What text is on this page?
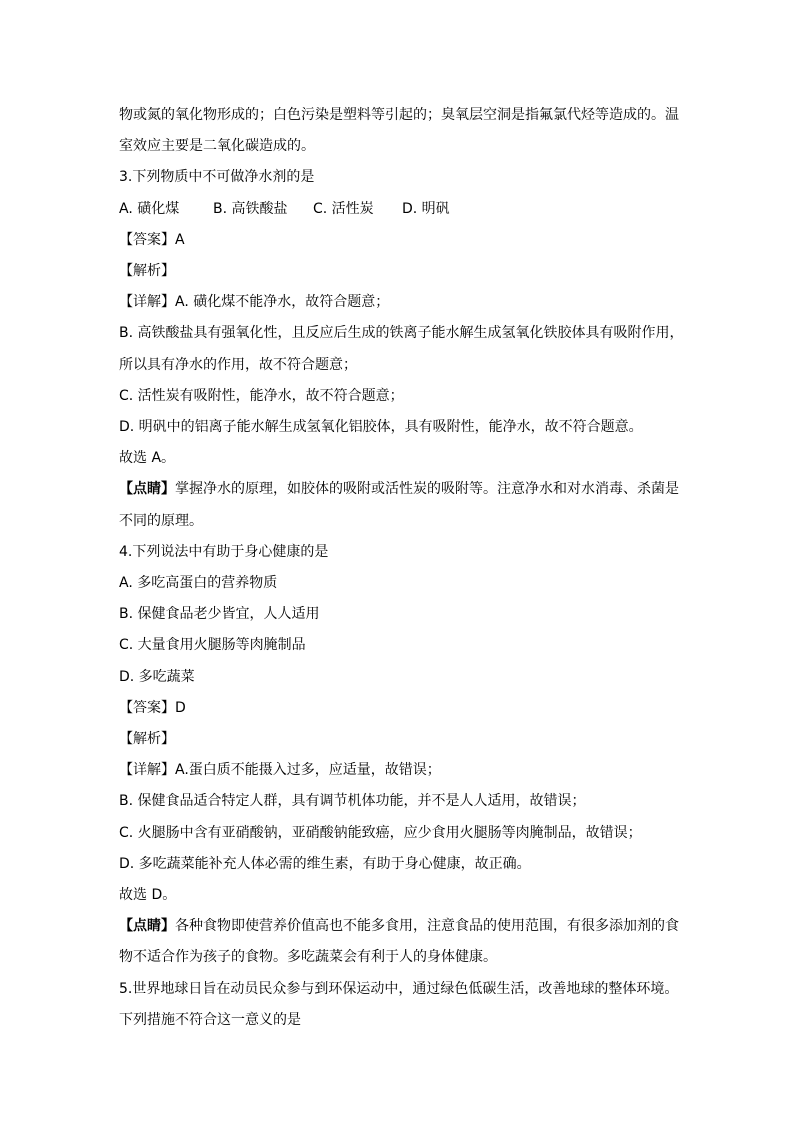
物或氮的氧化物形成的；白色污染是塑料等引起的；臭氧层空洞是指氟氯代烃等造成的。温
室效应主要是二氧化碳造成的。
3.下列物质中不可做净水剂的是
A. 磺化煤 B. 高铁酸盐 C. 活性炭 D. 明矾
【答案】A
【解析】
【详解】A. 磺化煤不能净水，故符合题意；
B. 高铁酸盐具有强氧化性，且反应后生成的铁离子能水解生成氢氧化铁胶体具有吸附作用，
所以具有净水的作用，故不符合题意；
C. 活性炭有吸附性，能净水，故不符合题意；
D. 明矾中的铝离子能水解生成氢氧化铝胶体，具有吸附性，能净水，故不符合题意。
故选 A。
【点睛】掌握净水的原理，如胶体的吸附或活性炭的吸附等。注意净水和对水消毒、杀菌是
不同的原理。
4.下列说法中有助于身心健康的是
A. 多吃高蛋白的营养物质
B. 保健食品老少皆宜，人人适用
C. 大量食用火腿肠等肉腌制品
D. 多吃蔬菜
【答案】D
【解析】
【详解】A.蛋白质不能摄入过多，应适量，故错误；
B. 保健食品适合特定人群，具有调节机体功能，并不是人人适用，故错误；
C. 火腿肠中含有亚硝酸钠，亚硝酸钠能致癌，应少食用火腿肠等肉腌制品，故错误；
D. 多吃蔬菜能补充人体必需的维生素，有助于身心健康，故正确。
故选 D。
【点睛】各种食物即使营养价值高也不能多食用，注意食品的使用范围，有很多添加剂的食
物不适合作为孩子的食物。多吃蔬菜会有利于人的身体健康。
5.世界地球日旨在动员民众参与到环保运动中，通过绿色低碳生活，改善地球的整体环境。
下列措施不符合这一意义的是
